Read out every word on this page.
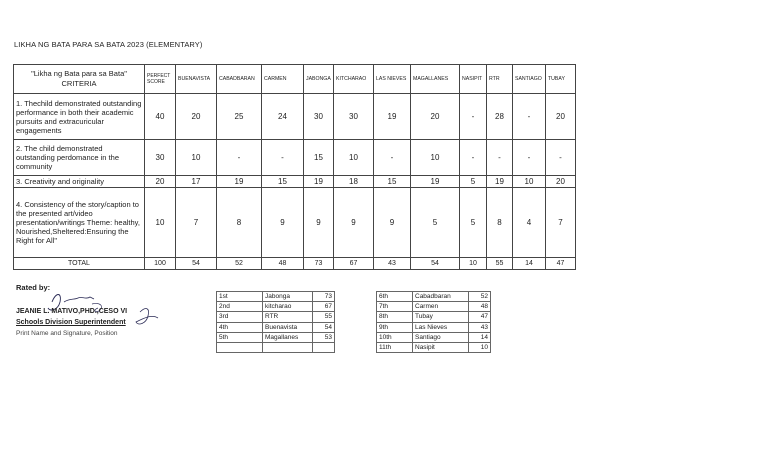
LIKHA NG BATA PARA SA BATA 2023 (ELEMENTARY)
"Likha ng Bata para sa Bata"
CRITERIA	PERFECT SCORE	BUENAVISTA	CABADBARAN	CARMEN	JABONGA	KITCHARAO	LAS NIEVES	MAGALLANES	NASIPIT	RTR	SANTIAGO	TUBAY
1. Thechild demonstrated outstanding performance in both their academic pursuits and extracuricular engagements	40	20	25	24	30	30	19	20	-	28	-	20
2. The child demonstrated outstanding perdomance in the community	30	10	-	-	15	10	-	10	-	-	-	-
3. Creativity and originality	20	17	19	15	19	18	15	19	5	19	10	20
4. Consistency of the story/caption to the presented art/video presentation/writings Theme: healthy, Nourished,Sheltered:Ensuring the Right for All"	10	7	8	9	9	9	9	5	5	8	4	7
TOTAL	100	54	52	48	73	67	43	54	10	55	14	47
Rated by:
JEANIE L. MATIVO,PHD.,CESO VI
Schools Division Superintendent
Print Name and Signature, Position
1st	Jabonga	73
2nd	kitcharao	67
3rd	RTR	55
4th	Buenavista	54
5th	Magallanes	53

6th	Cabadbaran	52
7th	Carmen	48
8th	Tubay	47
9th	Las Nieves	43
10th	Santiago	14
11th	Nasipit	10
